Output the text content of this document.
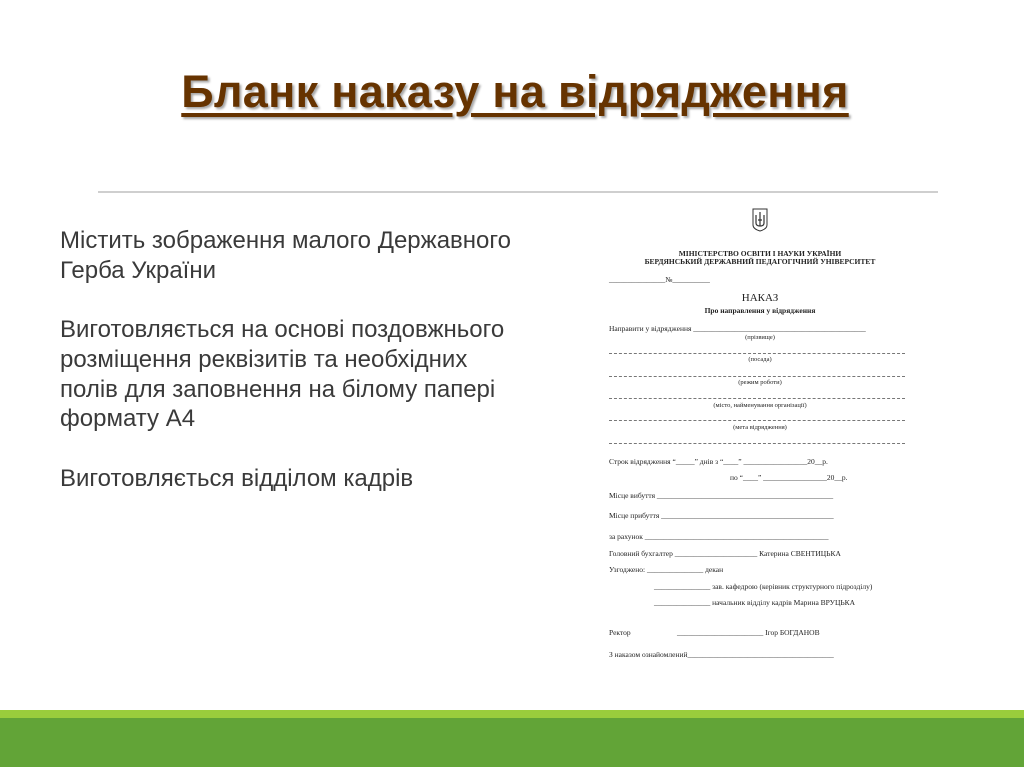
Бланк наказу на відрядження

Містить зображення малого Державного Герба України

Виготовляється на основі поздовжнього розміщення реквізитів та необхідних полів для заповнення на білому папері формату А4

Виготовляється відділом кадрів

МІНІСТЕРСТВО ОСВІТИ І НАУКИ УКРАЇНИ
БЕРДЯНСЬКИЙ ДЕРЖАВНИЙ ПЕДАГОГІЧНИЙ УНІВЕРСИТЕТ
_______________№__________
НАКАЗ
Про направлення у відрядження
Направити у відрядження ______________________________________________
(прізвище)
(посада)
(режим роботи)
(місто, найменування організації)
(мета відрядження)
Строк відрядження “_____” днів з “____” _________________20__р.
по “____” _________________20__р.
Місце вибуття _______________________________________________
Місце прибуття ______________________________________________
за рахунок _________________________________________________
Головний бухгалтер ______________________ Катерина СВЕНТИЦЬКА
Узгоджено: _______________ декан
_______________ зав. кафедрою (керівник структурного підрозділу)
_______________ начальник відділу кадрів Марина ВРУЦЬКА
Ректор	_______________________ Ігор БОГДАНОВ
З наказом ознайомлений_______________________________________
